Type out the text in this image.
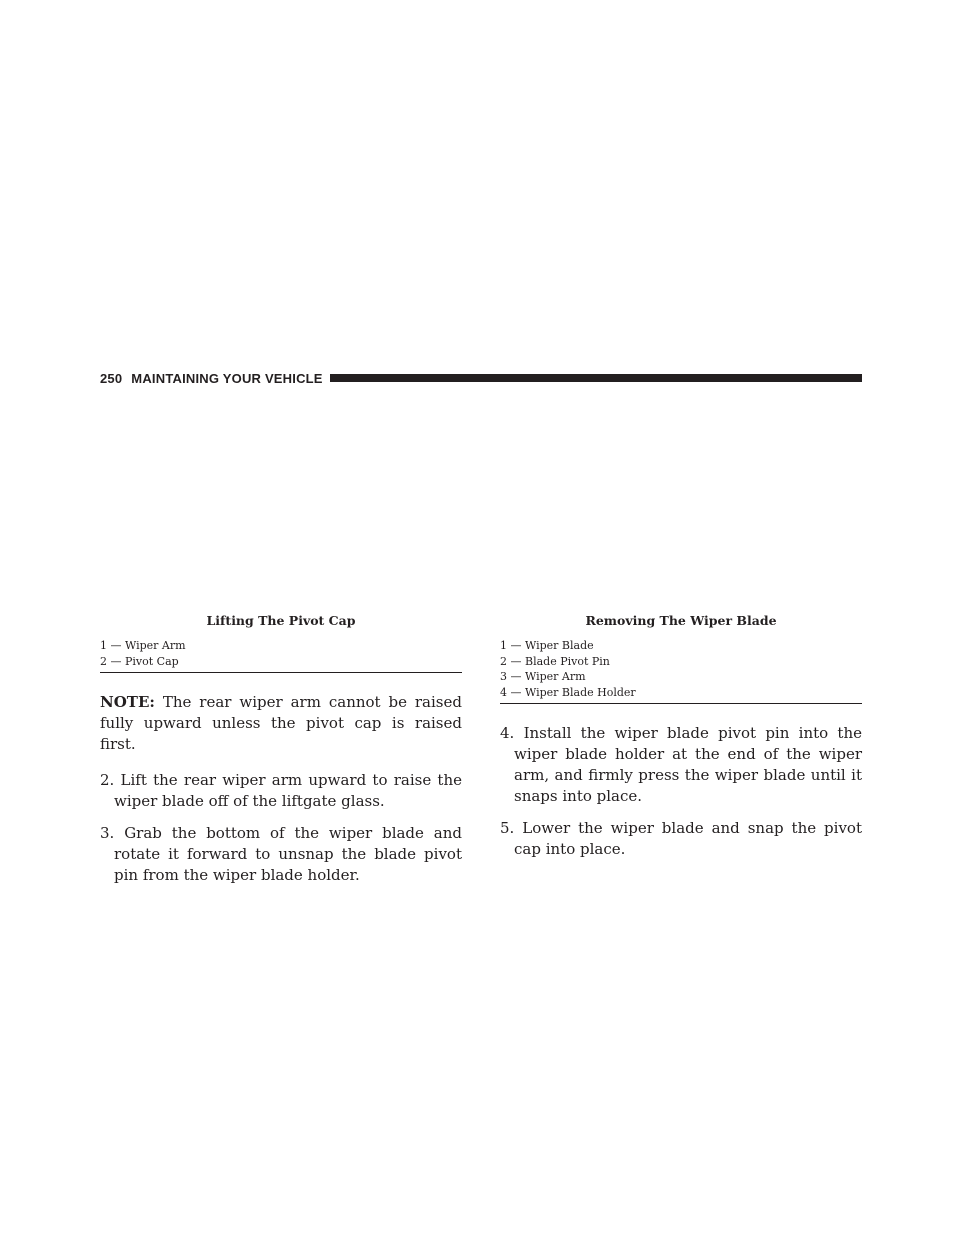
250 MAINTAINING YOUR VEHICLE

Lifting The Pivot Cap

1 — Wiper Arm
2 — Pivot Cap

NOTE: The rear wiper arm cannot be raised fully upward unless the pivot cap is raised first.

2. Lift the rear wiper arm upward to raise the wiper blade off of the liftgate glass.
3. Grab the bottom of the wiper blade and rotate it forward to unsnap the blade pivot pin from the wiper blade holder.

Removing The Wiper Blade

1 — Wiper Blade
2 — Blade Pivot Pin
3 — Wiper Arm
4 — Wiper Blade Holder
4. Install the wiper blade pivot pin into the wiper blade holder at the end of the wiper arm, and firmly press the wiper blade until it snaps into place.
5. Lower the wiper blade and snap the pivot cap into place.
